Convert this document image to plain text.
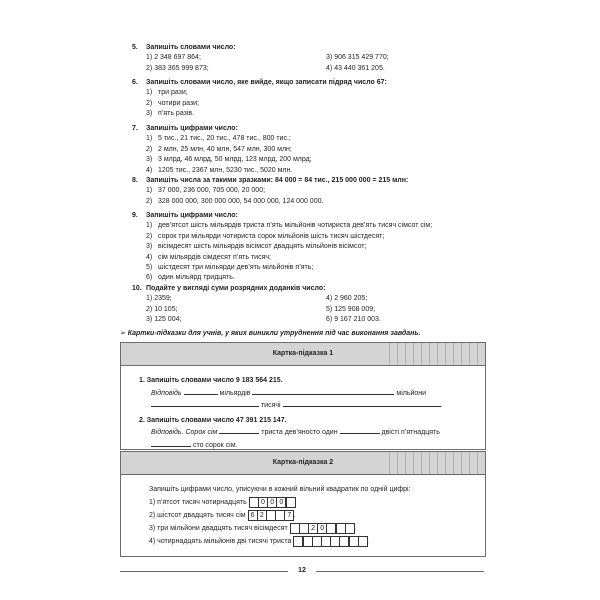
5. Запишіть словами число:
1) 2 348 697 864;	3) 906 315 429 770;
2) 383 365 999 873;	4) 43 440 361 205.
6. Запишіть словами число, яке вийде, якщо записати підряд число 67:
1) три рази;
2) чотири рази;
3) п’ять разів.
7. Запишіть цифрами число:
1) 5 тис., 21 тис., 20 тис., 478 тис., 800 тис.;
2) 2 млн, 25 млн, 40 млн, 547 млн, 300 млн;
3) 3 млрд, 46 млрд, 50 млрд, 123 млрд, 200 млрд;
4) 1205 тис., 2367 млн, 5230 тис., 5020 млн.
8. Запишіть числа за такими зразками: 84 000 = 84 тис., 215 000 000 = 215 млн:
1) 37 000, 236 000, 705 000, 20 000;
2) 328 000 000, 300 000 000, 54 000 000, 124 000 000.
9. Запишіть цифрами число:
1) дев’ятсот шість мільярдів триста п’ять мільйонів чотириста дев’ять тисяч сімсот сім;
2) сорок три мільярди чотириста сорок мільйонів шість тисяч шістдесят;
3) вісімдесят шість мільярдів вісімсот двадцять мільйонів вісімсот;
4) сім мільярдів сімдесят п’ять тисяч;
5) шістдесят три мільярди дев’ять мільйонів п’ять;
6) один мільярд тридцять.
10. Подайте у вигляді суми розрядних доданків число:
1) 2359;	4) 2 960 205;
2) 10 105;	5) 125 908 009;
3) 125 004;	6) 9 167 210 003.
➢ Картки-підказки для учнів, у яких виникли утруднення під час виконання завдань.
Картка-підказка 1
1. Запишіть словами число 9 183 564 215.
Відповідь	мільярдів	мільйони
тисячі	.
2. Запишіть словами число 47 391 215 147.
Відповідь. Сорок сім	триста дев’яносто один	двісті п’ятнадцять
сто сорок сім.
Картка-підказка 2
Запишіть цифрами число, уписуючи в кожний вільний квадратик по одній цифрі:
1) п’ятсот тисяч чотирнадцять 0 0 0 .
2) шістсот двадцять тисяч сім 6 2	7 .
3) три мільйони двадцять тисяч вісімдесят	2 0	.
4) чотирнадцять мільйонів дві тисячі триста	.
12
